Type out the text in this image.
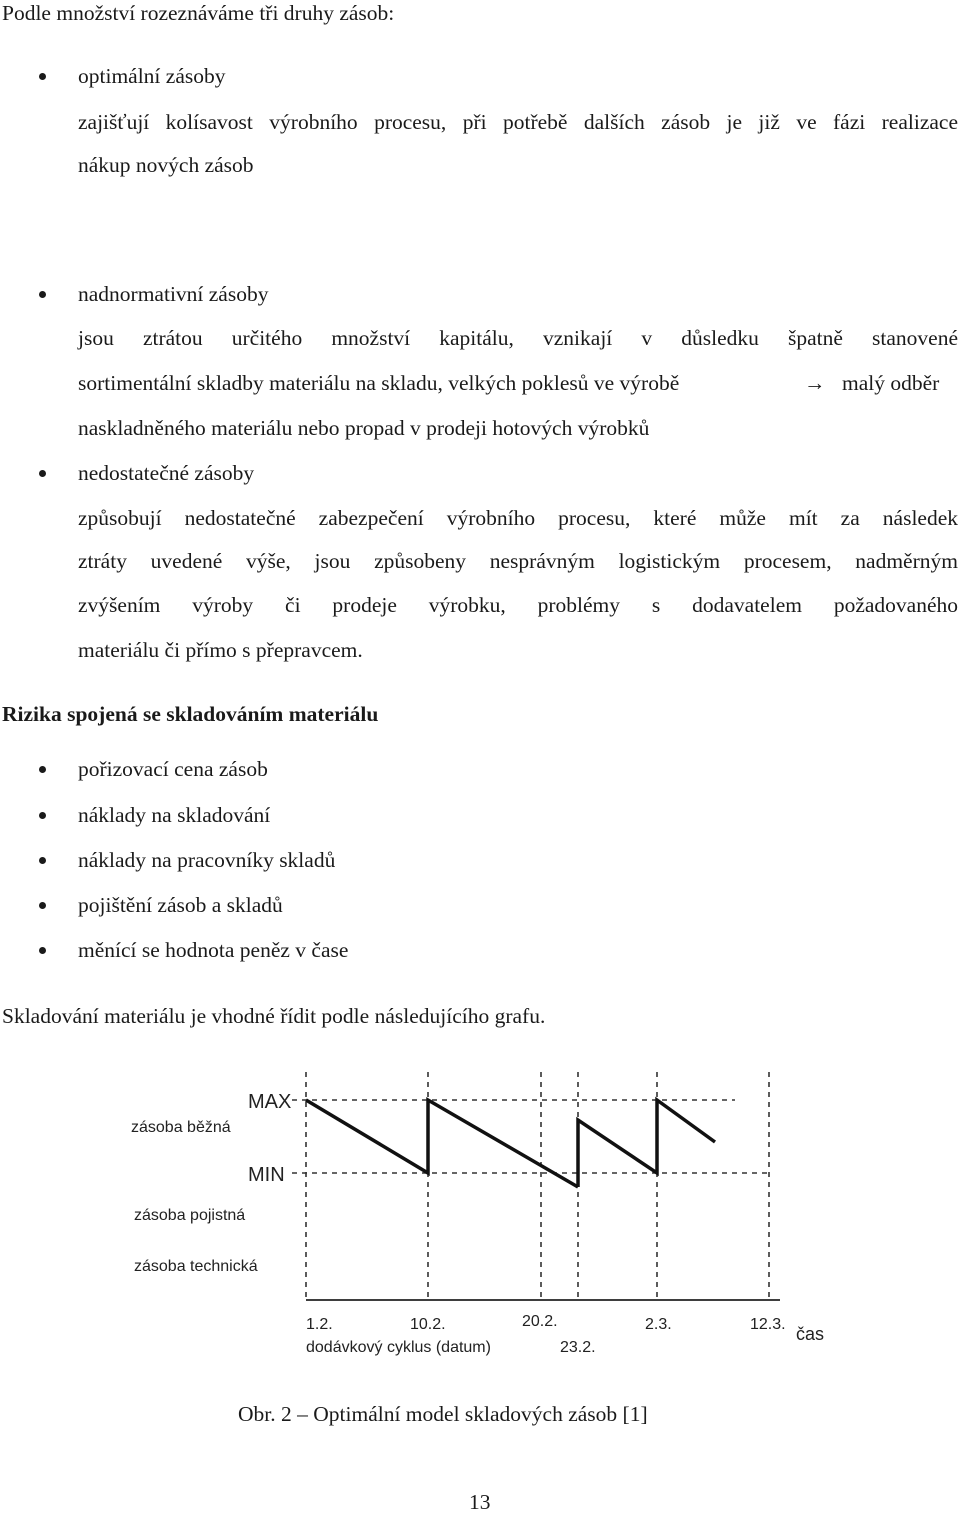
Podle množství rozeznáváme tři druhy zásob:
optimální zásoby
zajišťují kolísavost výrobního procesu, při potřebě dalších zásob je již ve fázi realizace
nákup nových zásob
nadnormativní zásoby
jsou ztrátou určitého množství kapitálu, vznikají v důsledku špatně stanovené
sortimentální skladby materiálu na skladu, velkých poklesů ve výrobě	→ malý odběr
naskladněného materiálu nebo propad v prodeji hotových výrobků
nedostatečné zásoby
způsobují nedostatečné zabezpečení výrobního procesu, které může mít za následek
ztráty uvedené výše, jsou způsobeny nesprávným logistickým procesem, nadměrným
zvýšením výroby či prodeje výrobku, problémy s dodavatelem požadovaného
materiálu či přímo s přepravcem.
Rizika spojená se skladováním materiálu
pořizovací cena zásob
náklady na skladování
náklady na pracovníky skladů
pojištění zásob a skladů
měnící se hodnota peněz v čase
Skladování materiálu je vhodné řídit podle následujícího grafu.
MAX
zásoba běžná
MIN
zásoba pojistná
zásoba technická
1.2.	10.2.	20.2.
23.2.
2.3.	12.3. čas
dodávkový cyklus (datum)
Obr. 2 – Optimální model skladových zásob [1]
13
